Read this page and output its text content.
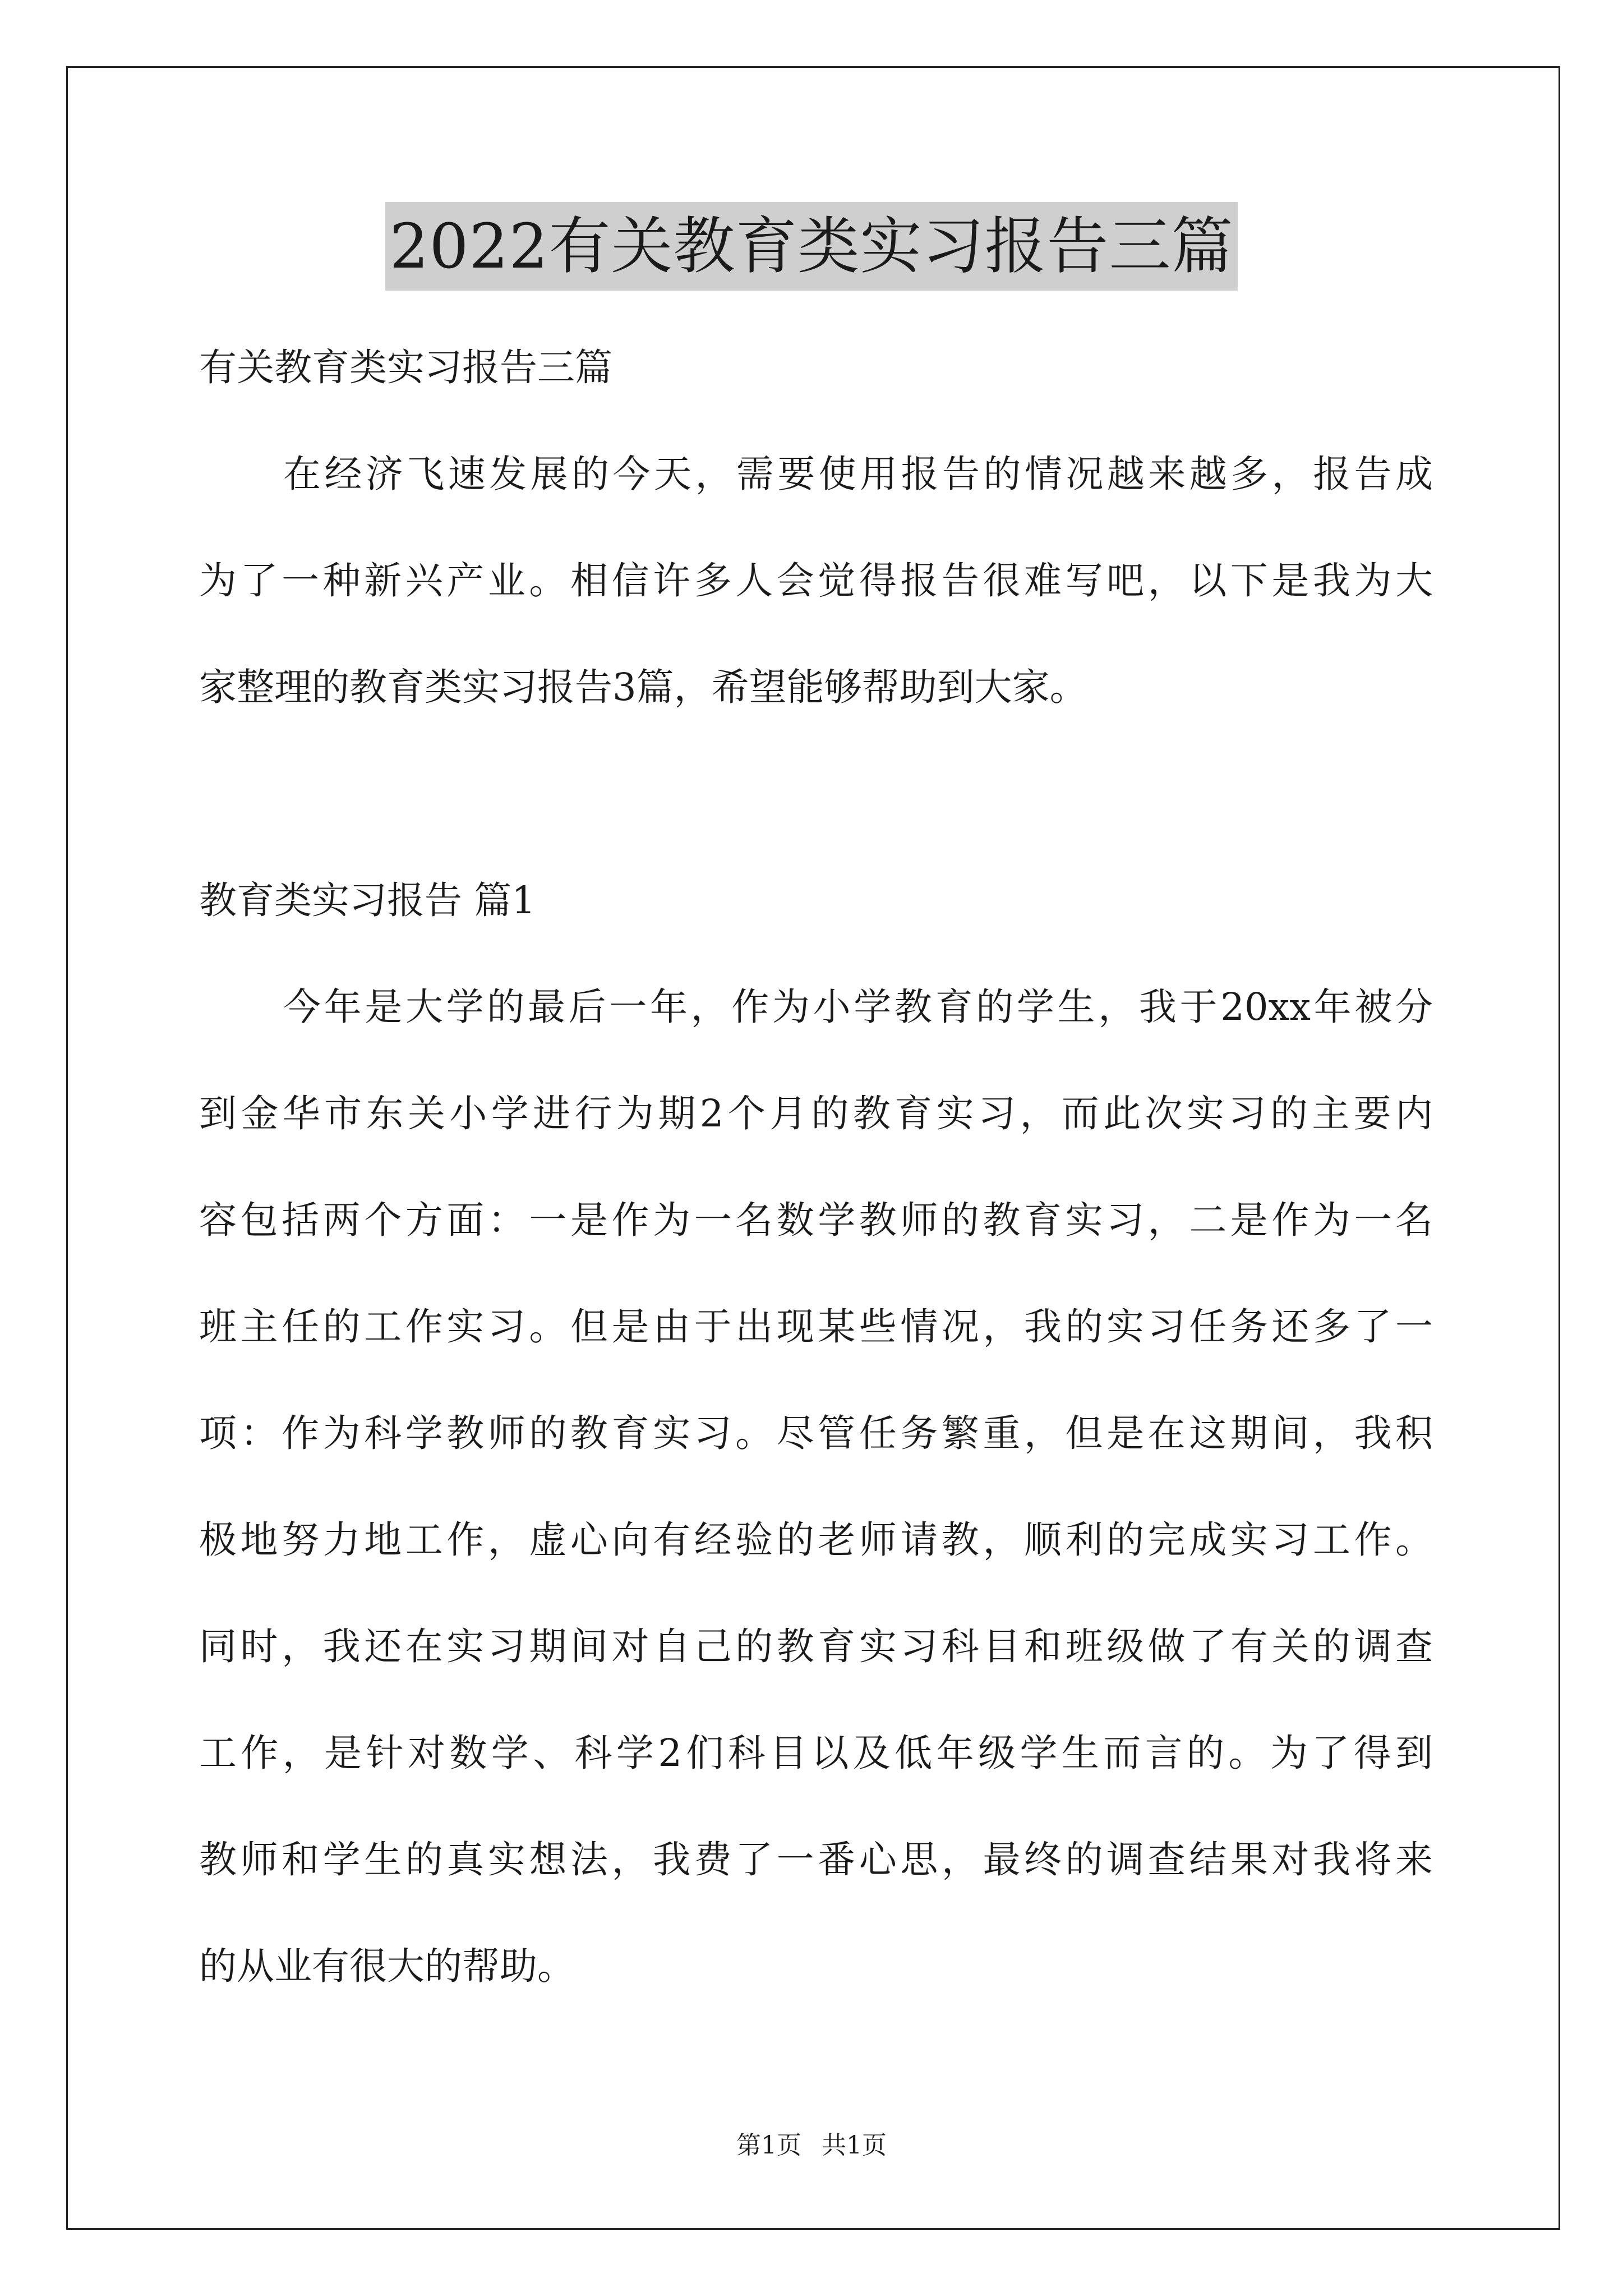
2022有关教育类实习报告三篇
有关教育类实习报告三篇
在经济飞速发展的今天，需要使用报告的情况越来越多，报告成
为了一种新兴产业。相信许多人会觉得报告很难写吧，以下是我为大
家整理的教育类实习报告3篇，希望能够帮助到大家。
教育类实习报告 篇1
今年是大学的最后一年，作为小学教育的学生，我于20xx年被分
到金华市东关小学进行为期2个月的教育实习，而此次实习的主要内
容包括两个方面：一是作为一名数学教师的教育实习，二是作为一名
班主任的工作实习。但是由于出现某些情况，我的实习任务还多了一
项：作为科学教师的教育实习。尽管任务繁重，但是在这期间，我积
极地努力地工作，虚心向有经验的老师请教，顺利的完成实习工作。
同时，我还在实习期间对自己的教育实习科目和班级做了有关的调查
工作，是针对数学、科学2们科目以及低年级学生而言的。为了得到
教师和学生的真实想法，我费了一番心思，最终的调查结果对我将来
的从业有很大的帮助。
第1页 共1页
